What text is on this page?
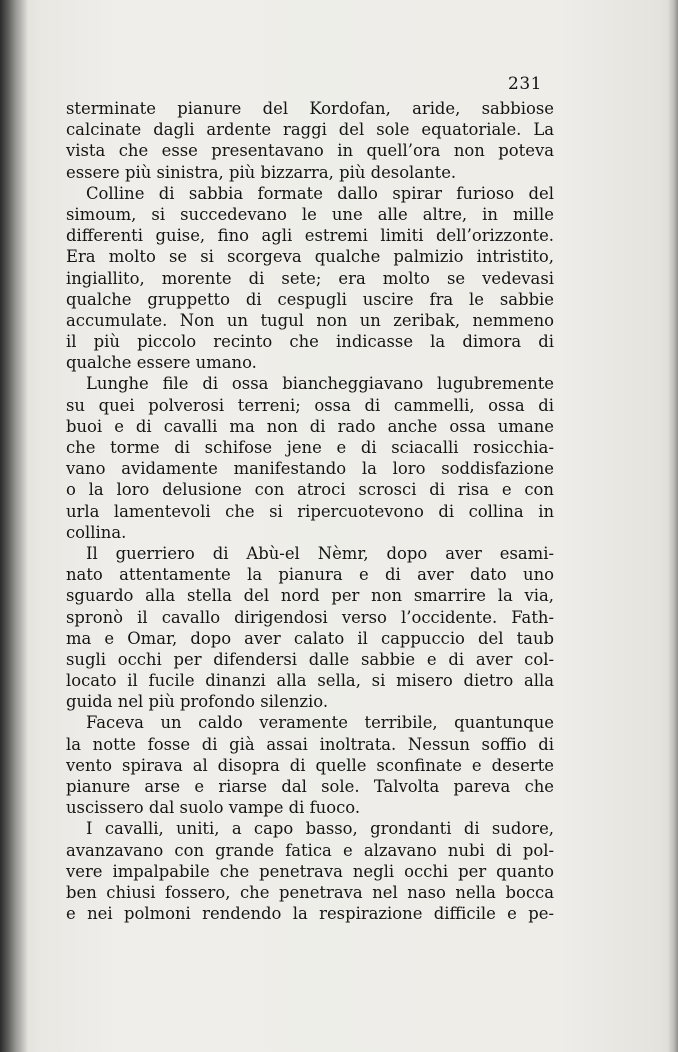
231
sterminate pianure del Kordofan, aride, sabbiose
calcinate dagli ardente raggi del sole equatoriale. La
vista che esse presentavano in quell’ora non poteva
essere più sinistra, più bizzarra, più desolante.
Colline di sabbia formate dallo spirar furioso del
simoum, si succedevano le une alle altre, in mille
differenti guise, fino agli estremi limiti dell’orizzonte.
Era molto se si scorgeva qualche palmizio intristito,
ingiallito, morente di sete; era molto se vedevasi
qualche gruppetto di cespugli uscire fra le sabbie
accumulate. Non un tugul non un zeribak, nemmeno
il più piccolo recinto che indicasse la dimora di
qualche essere umano.
Lunghe file di ossa biancheggiavano lugubremente
su quei polverosi terreni; ossa di cammelli, ossa di
buoi e di cavalli ma non di rado anche ossa umane
che torme di schifose jene e di sciacalli rosicchia-
vano avidamente manifestando la loro soddisfazione
o la loro delusione con atroci scrosci di risa e con
urla lamentevoli che si ripercuotevono di collina in
collina.
Il guerriero di Abù-el Nèmr, dopo aver esami-
nato attentamente la pianura e di aver dato uno
sguardo alla stella del nord per non smarrire la via,
spronò il cavallo dirigendosi verso l’occidente. Fath-
ma e Omar, dopo aver calato il cappuccio del taub
sugli occhi per difendersi dalle sabbie e di aver col-
locato il fucile dinanzi alla sella, si misero dietro alla
guida nel più profondo silenzio.
Faceva un caldo veramente terribile, quantunque
la notte fosse di già assai inoltrata. Nessun soffio di
vento spirava al disopra di quelle sconfinate e deserte
pianure arse e riarse dal sole. Talvolta pareva che
uscissero dal suolo vampe di fuoco.
I cavalli, uniti, a capo basso, grondanti di sudore,
avanzavano con grande fatica e alzavano nubi di pol-
vere impalpabile che penetrava negli occhi per quanto
ben chiusi fossero, che penetrava nel naso nella bocca
e nei polmoni rendendo la respirazione difficile e pe-
